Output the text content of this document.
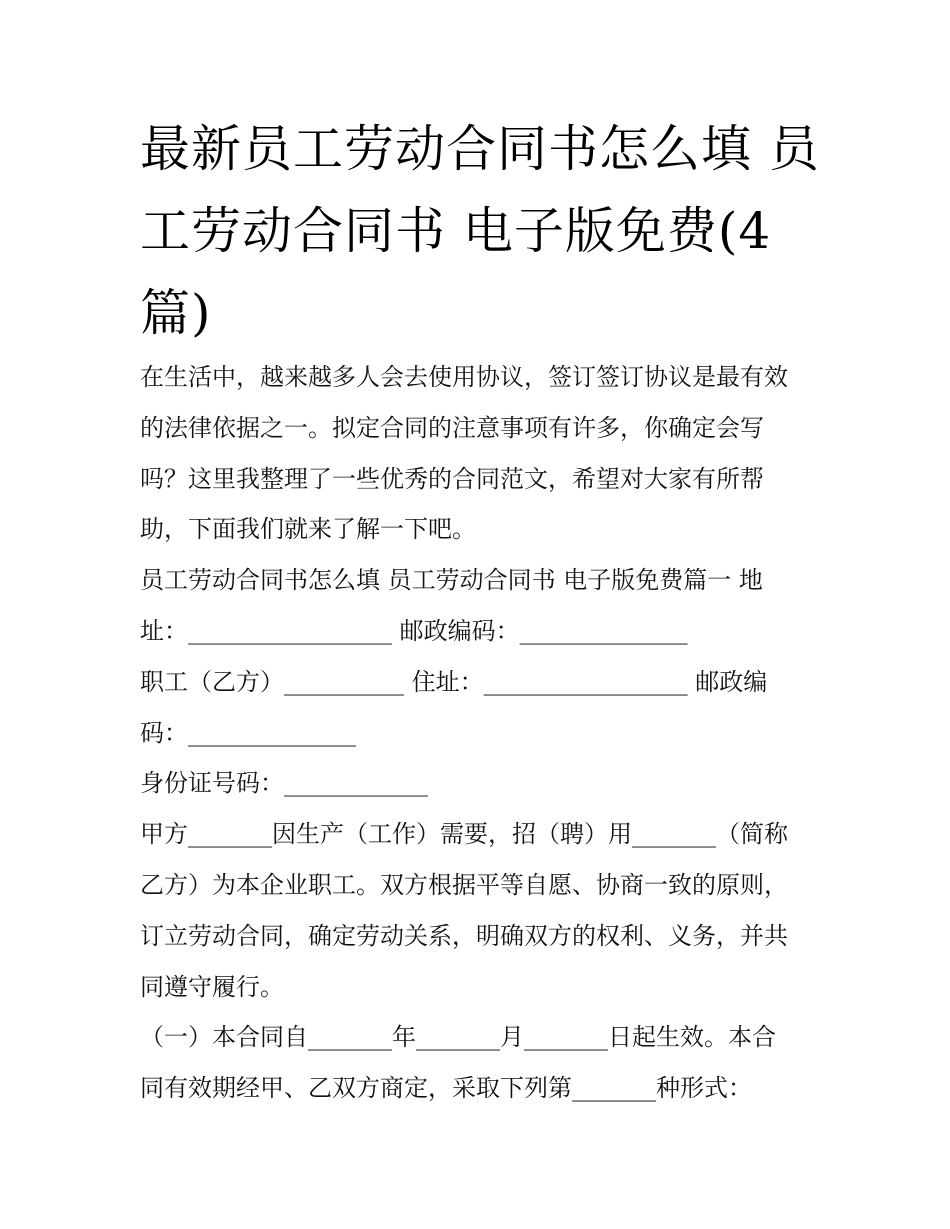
最新员工劳动合同书怎么填 员
工劳动合同书 电子版免费(4
篇)
在生活中，越来越多人会去使用协议，签订签订协议是最有效
的法律依据之一。拟定合同的注意事项有许多，你确定会写
吗？这里我整理了一些优秀的合同范文，希望对大家有所帮
助，下面我们就来了解一下吧。
员工劳动合同书怎么填 员工劳动合同书 电子版免费篇一 地
址：_________________ 邮政编码：______________
职工（乙方）__________ 住址：_________________ 邮政编
码：______________
身份证号码：____________
甲方_______因生产（工作）需要，招（聘）用_______（简称
乙方）为本企业职工。双方根据平等自愿、协商一致的原则，
订立劳动合同，确定劳动关系，明确双方的权利、义务，并共
同遵守履行。
（一）本合同自_______年_______月_______日起生效。本合
同有效期经甲、乙双方商定，采取下列第_______种形式：
